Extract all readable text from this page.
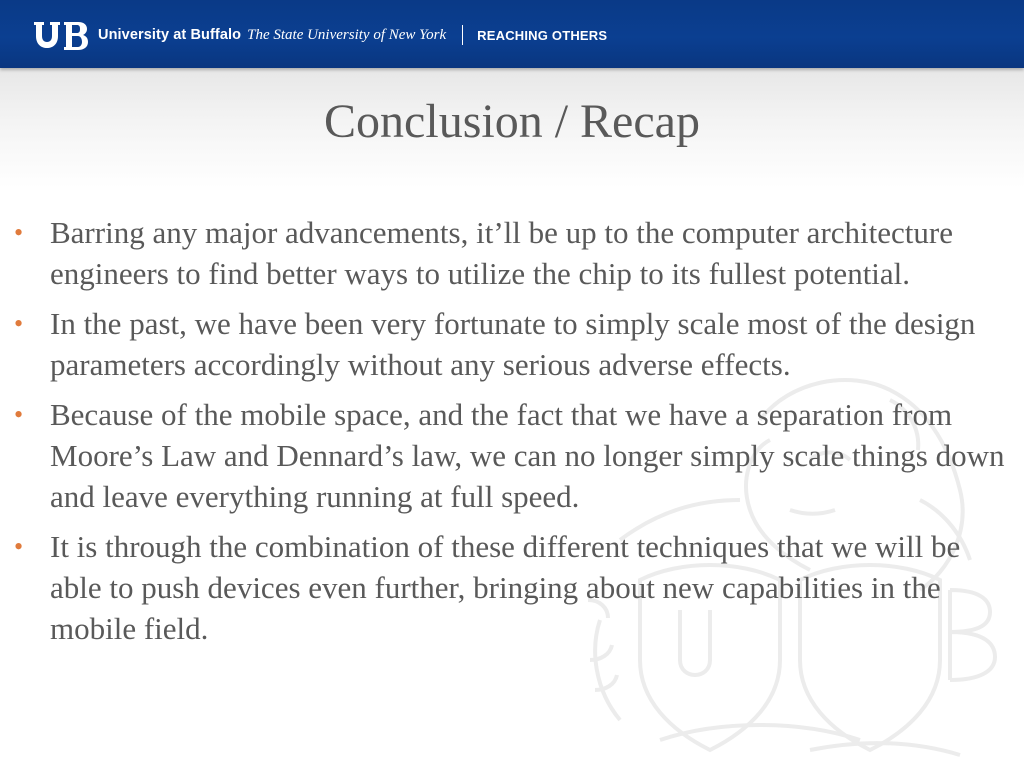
University at Buffalo The State University of New York REACHING OTHERS
Conclusion / Recap
• Barring any major advancements, it’ll be up to the computer architecture engineers to find better ways to utilize the chip to its fullest potential.
• In the past, we have been very fortunate to simply scale most of the design parameters accordingly without any serious adverse effects.
• Because of the mobile space, and the fact that we have a separation from Moore’s Law and Dennard’s law, we can no longer simply scale things down and leave everything running at full speed.
• It is through the combination of these different techniques that we will be able to push devices even further, bringing about new capabilities in the mobile field.
